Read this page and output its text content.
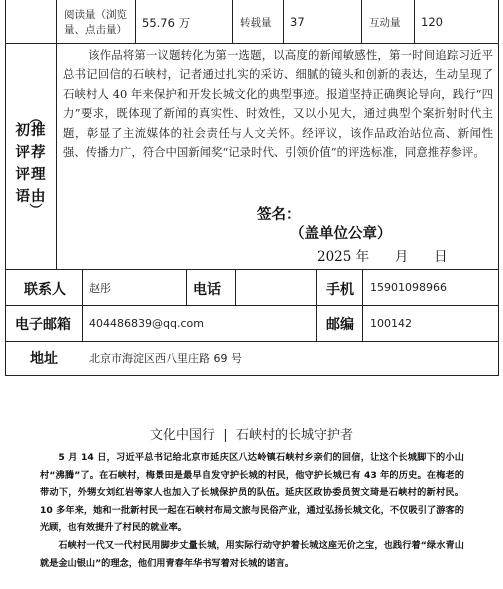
阅读量（浏览量、点击量）	55.76 万	转载量 37	互动量 120
（
初推评荐评理语由
）

该作品将第一议题转化为第一选题，以高度的新闻敏感性，第一时间追踪习近平总书记回信的石峡村，记者通过扎实的采访、细腻的镜头和创新的表达，生动呈现了石峡村人 40 年来保护和开发长城文化的典型事迹。报道坚持正确舆论导向，践行“四力”要求，既体现了新闻的真实性、时效性，又以小见大，通过典型个案折射时代主题，彰显了主流媒体的社会责任与人文关怀。经评议，该作品政治站位高、新闻性强、传播力广，符合中国新闻奖“记录时代、引领价值”的评选标准，同意推荐参评。

签名：
（盖单位公章）
2025 年      月      日
联系人 赵彤	电话	手机 15901098966
电子邮箱 404486839@qq.com	邮编 100142
地址	北京市海淀区西八里庄路 69 号
文化中国行  |  石峡村的长城守护者

5 月 14 日，习近平总书记给北京市延庆区八达岭镇石峡村乡亲们的回信，让这个长城脚下的小山村“沸腾”了。在石峡村，梅景田是最早自发守护长城的村民，他守护长城已有 43 年的历史。在梅老的带动下，外甥女刘红岩等家人也加入了长城保护员的队伍。延庆区政协委员贺文琦是石峡村的新村民。10 多年来，她和一批新村民一起在石峡村布局文旅与民俗产业，通过弘扬长城文化，不仅吸引了游客的光顾，也有效提升了村民的就业率。

石峡村一代又一代村民用脚步丈量长城，用实际行动守护着长城这座无价之宝，也践行着“绿水青山就是金山银山”的理念，他们用青春年华书写着对长城的诺言。
